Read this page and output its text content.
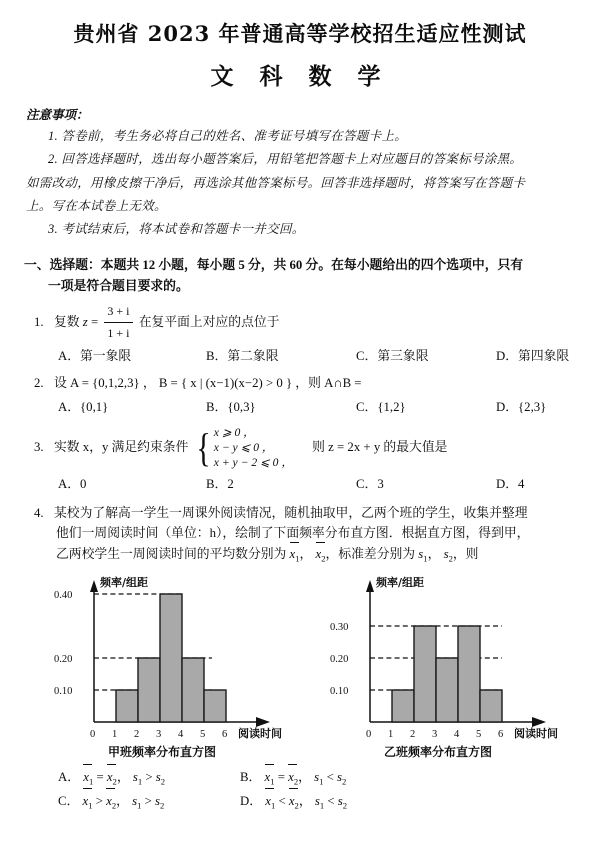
贵州省 2023 年普通高等学校招生适应性测试
文 科 数 学
注意事项：
1. 答卷前，考生务必将自己的姓名、准考证号填写在答题卡上。
2. 回答选择题时，选出每小题答案后，用铅笔把答题卡上对应题目的答案标号涂黑。
如需改动，用橡皮擦干净后，再选涂其他答案标号。回答非选择题时，将答案写在答题卡
上。写在本试卷上无效。
3. 考试结束后，将本试卷和答题卡一并交回。
一、选择题：本题共 12 小题，每小题 5 分，共 60 分。在每小题给出的四个选项中，只有
一项是符合题目要求的。
1. 复数 $z = \frac{3 + i}{1 + i}$ 在复平面上对应的点位于
A．第一象限	B．第二象限	C．第三象限	D．第四象限
2. 设 A = {0,1,2,3} ， B = { x | (x−1)(x−2) > 0 } ，则 A∩B =
A．{0,1}	B．{0,3}	C．{1,2}	D．{2,3}
3. 实数 x，y 满足约束条件 { x ⩾ 0 ，
x − y ⩽ 0 ，
x + y − 2 ⩽ 0 ，
则 z = 2x + y 的最大值是
A．0	B．2	C．3	D．4
4. 某校为了解高一学生一周课外阅读情况，随机抽取甲，乙两个班的学生，收集并整理
他们一周阅读时间（单位：h），绘制了下面频率分布直方图．根据直方图，得到甲，
乙两校学生一周阅读时间的平均数分别为 $x_1$， $x_2$，标准差分别为 $s_1$， $s_2$，则
频率/组距
0.10
0.20
0.40
0 1 2 3 4 5 6 阅读时间
甲班频率分布直方图
频率/组距
0.10
0.20
0.30
0 1 2 3 4 5 6 阅读时间
乙班频率分布直方图
A． $x_1 = x_2$， $s_1 > s_2$	B． $x_1 = x_2$， $s_1 < s_2$
C． $x_1 > x_2$， $s_1 > s_2$	D． $x_1 < x_2$， $s_1 < s_2$
